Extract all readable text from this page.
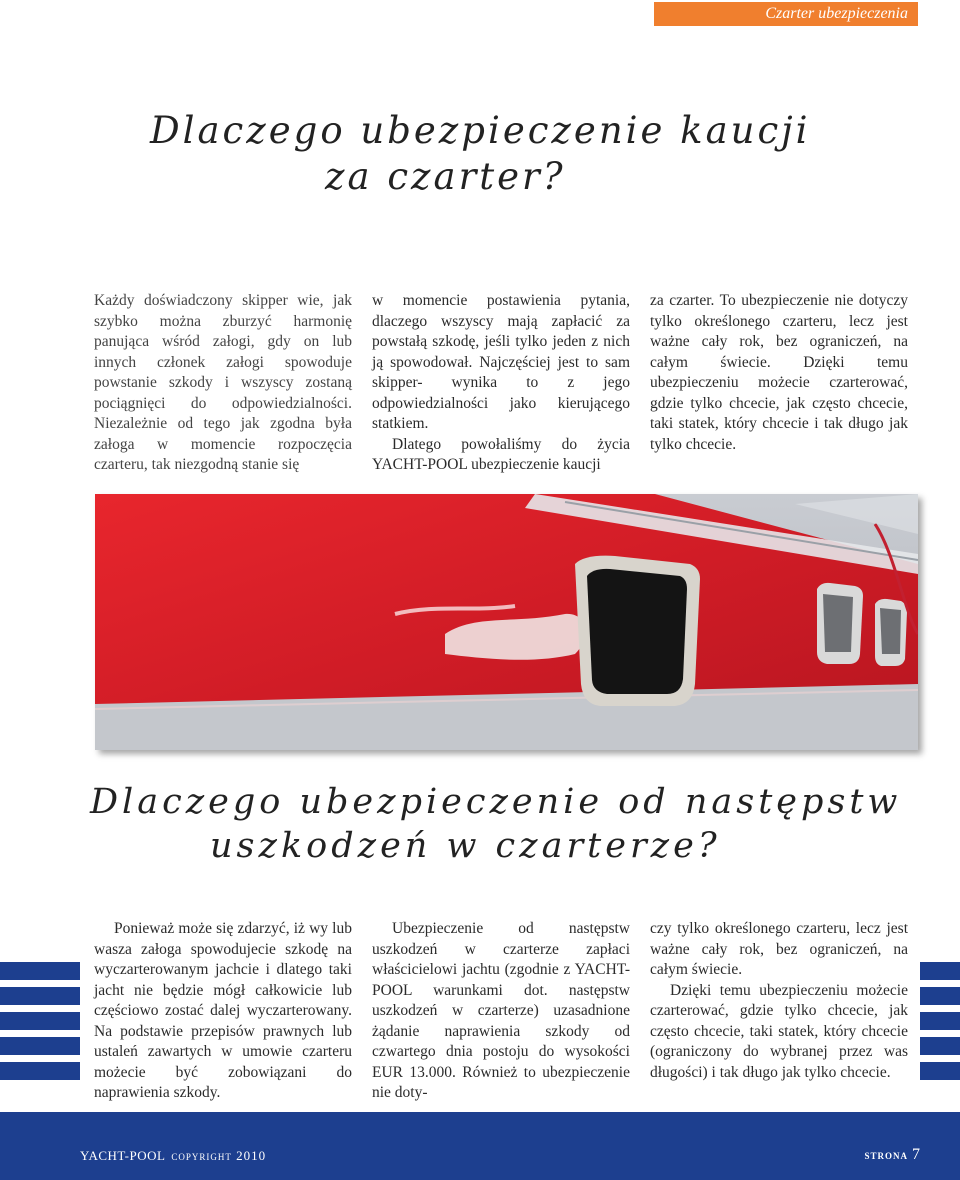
Czarter ubezpieczenia
Dlaczego ubezpieczenie kaucji
za czarter?

Każdy doświadczony skipper wie, jak szybko można zburzyć harmonię panująca wśród załogi, gdy on lub innych członek załogi spowoduje powstanie szkody i wszyscy zostaną pociągnięci do odpowiedzialności. Niezależnie od tego jak zgodna była załoga w momencie rozpoczęcia czarteru, tak niezgodną stanie się

w momencie postawienia pytania, dlaczego wszyscy mają zapłacić za powstałą szkodę, jeśli tylko jeden z nich ją spowodował. Najczęściej jest to sam skipper- wynika to z jego odpowiedzialności jako kierującego statkiem.
Dlatego powołaliśmy do życia YACHT-POOL ubezpieczenie kaucji

za czarter. To ubezpieczenie nie dotyczy tylko określonego czarteru, lecz jest ważne cały rok, bez ograniczeń, na całym świecie. Dzięki temu ubezpieczeniu możecie czarterować, gdzie tylko chcecie, jak często chcecie, taki statek, który chcecie i tak długo jak tylko chcecie.

Dlaczego ubezpieczenie od następstw
uszkodzeń w czarterze?
Ponieważ może się zdarzyć, iż wy lub wasza załoga spowodujecie szkodę na wyczarterowanym jachcie i dlatego taki jacht nie będzie mógł całkowicie lub częściowo zostać dalej wyczarterowany. Na podstawie przepisów prawnych lub ustaleń zawartych w umowie czarteru możecie być zobowiązani do naprawienia szkody.
Ubezpieczenie od następstw uszkodzeń w czarterze zapłaci właścicielowi jachtu (zgodnie z YACHT-POOL warunkami dot. następstw uszkodzeń w czarterze) uzasadnione żądanie naprawienia szkody od czwartego dnia postoju do wysokości EUR 13.000. Również to ubezpieczenie nie doty-
czy tylko określonego czarteru, lecz jest ważne cały rok, bez ograniczeń, na całym świecie.
Dzięki temu ubezpieczeniu możecie czarterować, gdzie tylko chcecie, jak często chcecie, taki statek, który chcecie (ograniczony do wybranej przez was długości) i tak długo jak tylko chcecie.
YACHT-POOL copyright 2010	strona 7
